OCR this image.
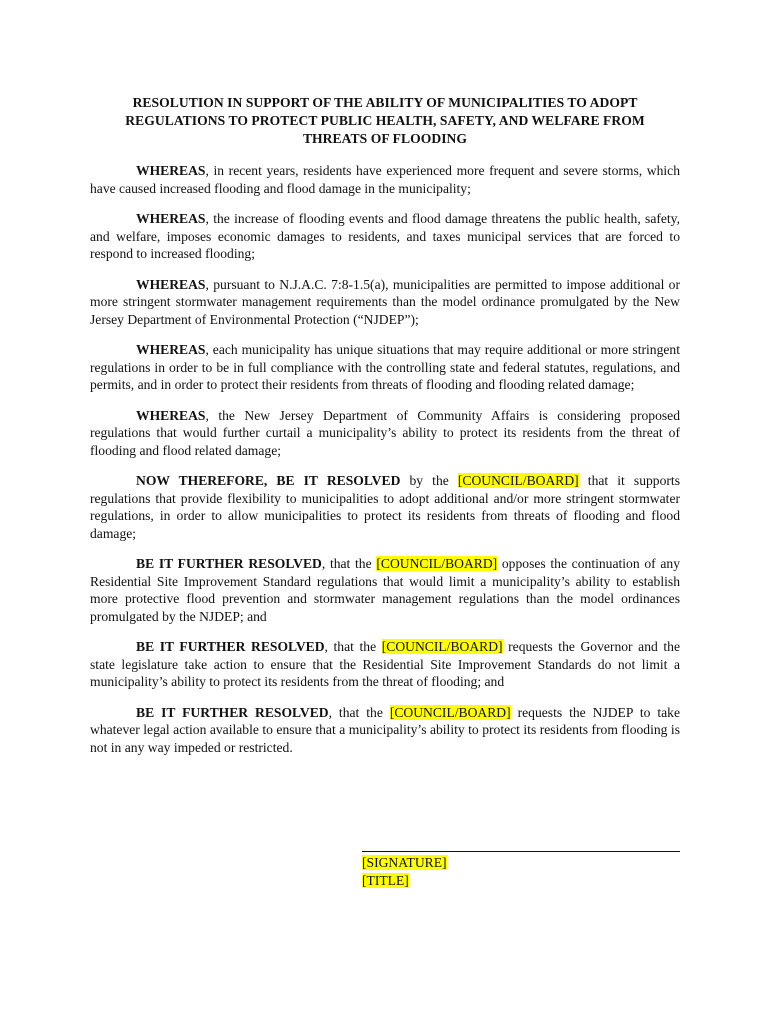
RESOLUTION IN SUPPORT OF THE ABILITY OF MUNICIPALITIES TO ADOPT
REGULATIONS TO PROTECT PUBLIC HEALTH, SAFETY, AND WELFARE FROM
THREATS OF FLOODING

WHEREAS, in recent years, residents have experienced more frequent and severe storms, which have caused increased flooding and flood damage in the municipality;

WHEREAS, the increase of flooding events and flood damage threatens the public health, safety, and welfare, imposes economic damages to residents, and taxes municipal services that are forced to respond to increased flooding;

WHEREAS, pursuant to N.J.A.C. 7:8-1.5(a), municipalities are permitted to impose additional or more stringent stormwater management requirements than the model ordinance promulgated by the New Jersey Department of Environmental Protection (“NJDEP”);

WHEREAS, each municipality has unique situations that may require additional or more stringent regulations in order to be in full compliance with the controlling state and federal statutes, regulations, and permits, and in order to protect their residents from threats of flooding and flooding related damage;

WHEREAS, the New Jersey Department of Community Affairs is considering proposed regulations that would further curtail a municipality’s ability to protect its residents from the threat of flooding and flood related damage;

NOW THEREFORE, BE IT RESOLVED by the [COUNCIL/BOARD] that it supports regulations that provide flexibility to municipalities to adopt additional and/or more stringent stormwater regulations, in order to allow municipalities to protect its residents from threats of flooding and flood damage;

BE IT FURTHER RESOLVED, that the [COUNCIL/BOARD] opposes the continuation of any Residential Site Improvement Standard regulations that would limit a municipality’s ability to establish more protective flood prevention and stormwater management regulations than the model ordinances promulgated by the NJDEP; and

BE IT FURTHER RESOLVED, that the [COUNCIL/BOARD] requests the Governor and the state legislature take action to ensure that the Residential Site Improvement Standards do not limit a municipality’s ability to protect its residents from the threat of flooding; and

BE IT FURTHER RESOLVED, that the [COUNCIL/BOARD] requests the NJDEP to take whatever legal action available to ensure that a municipality’s ability to protect its residents from flooding is not in any way impeded or restricted.

[SIGNATURE]
[TITLE]
